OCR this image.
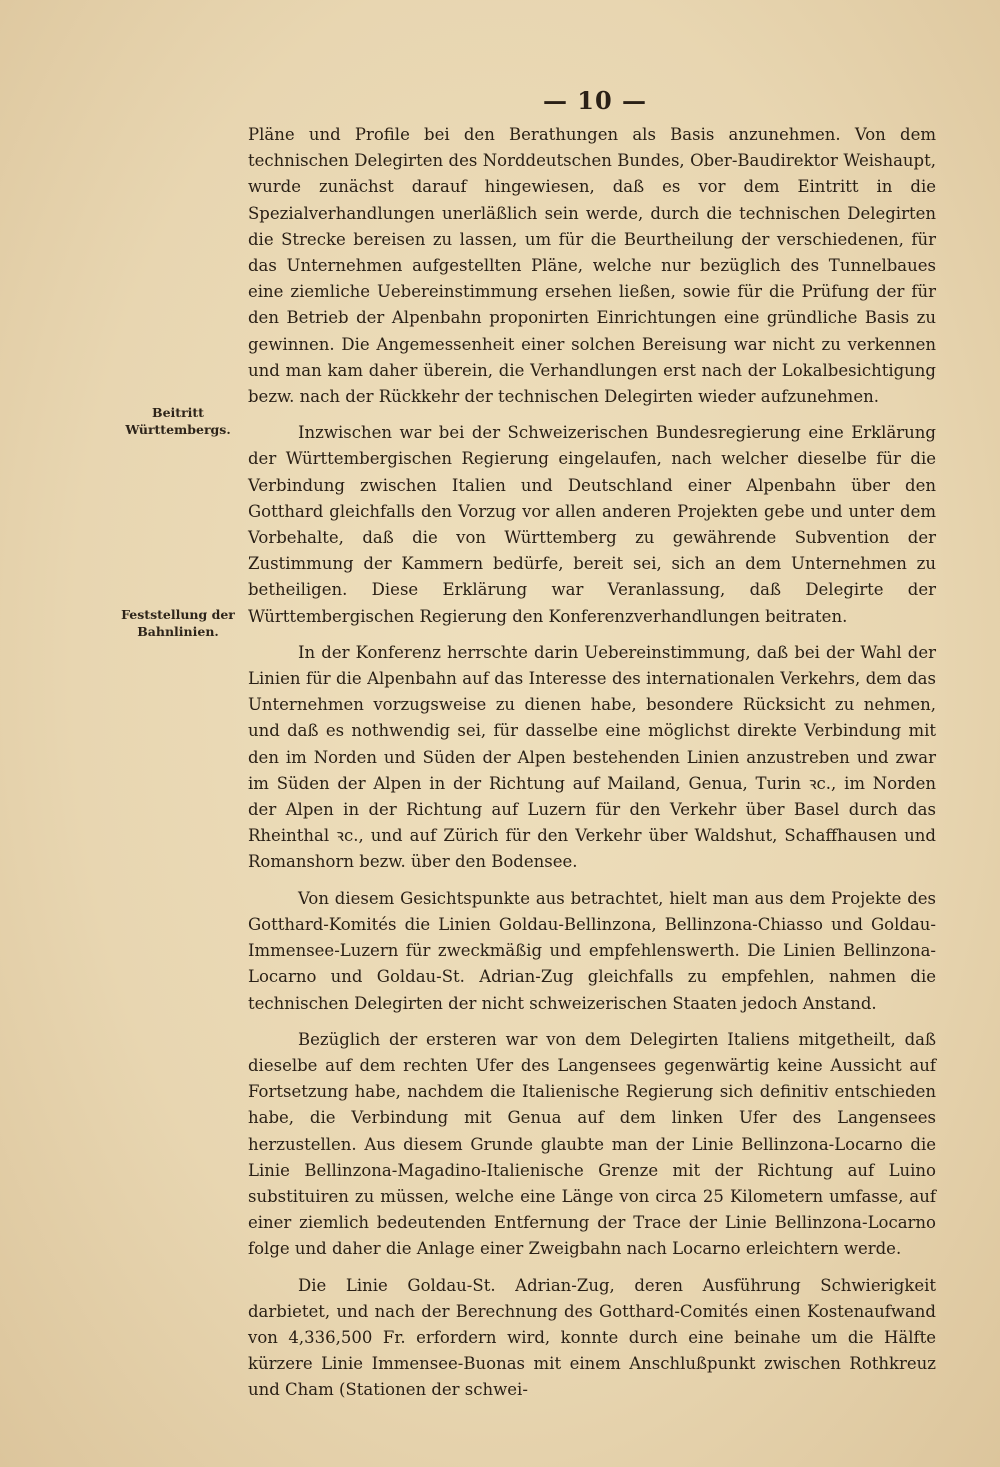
— 10 —
Beitritt Württembergs.
Feststellung der Bahnlinien.

Pläne und Profile bei den Berathungen als Basis anzunehmen. Von dem technischen Delegirten des Norddeutschen Bundes, Ober-Baudirektor Weishaupt, wurde zunächst darauf hingewiesen, daß es vor dem Eintritt in die Spezialverhandlungen unerläßlich sein werde, durch die technischen Delegirten die Strecke bereisen zu lassen, um für die Beurtheilung der verschiedenen, für das Unternehmen aufgestellten Pläne, welche nur bezüglich des Tunnelbaues eine ziemliche Uebereinstimmung ersehen ließen, sowie für die Prüfung der für den Betrieb der Alpenbahn proponirten Einrichtungen eine gründliche Basis zu gewinnen. Die Angemessenheit einer solchen Bereisung war nicht zu verkennen und man kam daher überein, die Verhandlungen erst nach der Lokalbesichtigung bezw. nach der Rückkehr der technischen Delegirten wieder aufzunehmen.

Inzwischen war bei der Schweizerischen Bundesregierung eine Erklärung der Württembergischen Regierung eingelaufen, nach welcher dieselbe für die Verbindung zwischen Italien und Deutschland einer Alpenbahn über den Gotthard gleichfalls den Vorzug vor allen anderen Projekten gebe und unter dem Vorbehalte, daß die von Württemberg zu gewährende Subvention der Zustimmung der Kammern bedürfe, bereit sei, sich an dem Unternehmen zu betheiligen. Diese Erklärung war Veranlassung, daß Delegirte der Württembergischen Regierung den Konferenzverhandlungen beitraten.

In der Konferenz herrschte darin Uebereinstimmung, daß bei der Wahl der Linien für die Alpenbahn auf das Interesse des internationalen Verkehrs, dem das Unternehmen vorzugsweise zu dienen habe, besondere Rücksicht zu nehmen, und daß es nothwendig sei, für dasselbe eine möglichst direkte Verbindung mit den im Norden und Süden der Alpen bestehenden Linien anzustreben und zwar im Süden der Alpen in der Richtung auf Mailand, Genua, Turin ꝛc., im Norden der Alpen in der Richtung auf Luzern für den Verkehr über Basel durch das Rheinthal ꝛc., und auf Zürich für den Verkehr über Waldshut, Schaffhausen und Romanshorn bezw. über den Bodensee.

Von diesem Gesichtspunkte aus betrachtet, hielt man aus dem Projekte des Gotthard-Komités die Linien Goldau-Bellinzona, Bellinzona-Chiasso und Goldau-Immensee-Luzern für zweckmäßig und empfehlenswerth. Die Linien Bellinzona-Locarno und Goldau-St. Adrian-Zug gleichfalls zu empfehlen, nahmen die technischen Delegirten der nicht schweizerischen Staaten jedoch Anstand.

Bezüglich der ersteren war von dem Delegirten Italiens mitgetheilt, daß dieselbe auf dem rechten Ufer des Langensees gegenwärtig keine Aussicht auf Fortsetzung habe, nachdem die Italienische Regierung sich definitiv entschieden habe, die Verbindung mit Genua auf dem linken Ufer des Langensees herzustellen. Aus diesem Grunde glaubte man der Linie Bellinzona-Locarno die Linie Bellinzona-Magadino-Italienische Grenze mit der Richtung auf Luino substituiren zu müssen, welche eine Länge von circa 25 Kilometern umfasse, auf einer ziemlich bedeutenden Entfernung der Trace der Linie Bellinzona-Locarno folge und daher die Anlage einer Zweigbahn nach Locarno erleichtern werde.

Die Linie Goldau-St. Adrian-Zug, deren Ausführung Schwierigkeit darbietet, und nach der Berechnung des Gotthard-Comités einen Kostenaufwand von 4,336,500 Fr. erfordern wird, konnte durch eine beinahe um die Hälfte kürzere Linie Immensee-Buonas mit einem Anschlußpunkt zwischen Rothkreuz und Cham (Stationen der schwei-
